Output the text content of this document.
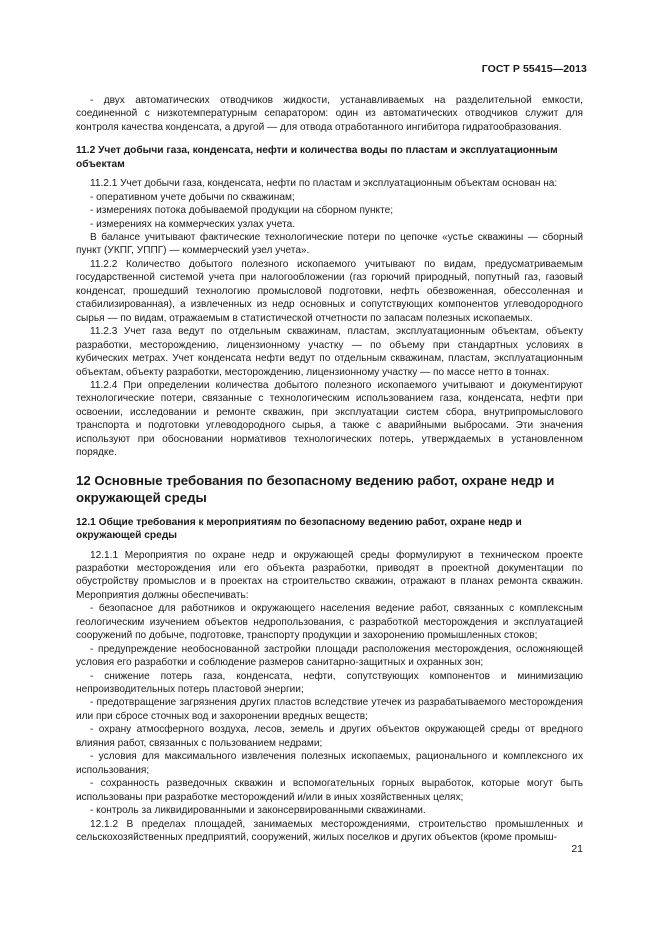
ГОСТ Р 55415—2013

- двух автоматических отводчиков жидкости, устанавливаемых на разделительной емкости, соединенной с низкотемпературным сепаратором: один из автоматических отводчиков служит для контроля качества конденсата, а другой — для отвода отработанного ингибитора гидратообразования.

11.2 Учет добычи газа, конденсата, нефти и количества воды по пластам и эксплуатационным объектам

11.2.1 Учет добычи газа, конденсата, нефти по пластам и эксплуатационным объектам основан на:

- оперативном учете добычи по скважинам;

- измерениях потока добываемой продукции на сборном пункте;

- измерениях на коммерческих узлах учета.

В балансе учитывают фактические технологические потери по цепочке «устье скважины — сборный пункт (УКПГ, УППГ) — коммерческий узел учета».

11.2.2 Количество добытого полезного ископаемого учитывают по видам, предусматриваемым государственной системой учета при налогообложении (газ горючий природный, попутный газ, газовый конденсат, прошедший технологию промысловой подготовки, нефть обезвоженная, обессоленная и стабилизированная), а извлеченных из недр основных и сопутствующих компонентов углеводородного сырья — по видам, отражаемым в статистической отчетности по запасам полезных ископаемых.

11.2.3 Учет газа ведут по отдельным скважинам, пластам, эксплуатационным объектам, объекту разработки, месторождению, лицензионному участку — по объему при стандартных условиях в кубических метрах. Учет конденсата нефти ведут по отдельным скважинам, пластам, эксплуатационным объектам, объекту разработки, месторождению, лицензионному участку — по массе нетто в тоннах.

11.2.4 При определении количества добытого полезного ископаемого учитывают и документируют технологические потери, связанные с технологическим использованием газа, конденсата, нефти при освоении, исследовании и ремонте скважин, при эксплуатации систем сбора, внутрипромыслового транспорта и подготовки углеводородного сырья, а также с аварийными выбросами. Эти значения используют при обосновании нормативов технологических потерь, утверждаемых в установленном порядке.

12 Основные требования по безопасному ведению работ, охране недр и окружающей среды
12.1 Общие требования к мероприятиям по безопасному ведению работ, охране недр и окружающей среды

12.1.1 Мероприятия по охране недр и окружающей среды формулируют в техническом проекте разработки месторождения или его объекта разработки, приводят в проектной документации по обустройству промыслов и в проектах на строительство скважин, отражают в планах ремонта скважин. Мероприятия должны обеспечивать:

- безопасное для работников и окружающего населения ведение работ, связанных с комплексным геологическим изучением объектов недропользования, с разработкой месторождения и эксплуатацией сооружений по добыче, подготовке, транспорту продукции и захоронению промышленных стоков;

- предупреждение необоснованной застройки площади расположения месторождения, осложняющей условия его разработки и соблюдение размеров санитарно-защитных и охранных зон;

- снижение потерь газа, конденсата, нефти, сопутствующих компонентов и минимизацию непроизводительных потерь пластовой энергии;

- предотвращение загрязнения других пластов вследствие утечек из разрабатываемого месторождения или при сбросе сточных вод и захоронении вредных веществ;

- охрану атмосферного воздуха, лесов, земель и других объектов окружающей среды от вредного влияния работ, связанных с пользованием недрами;

- условия для максимального извлечения полезных ископаемых, рационального и комплексного их использования;

- сохранность разведочных скважин и вспомогательных горных выработок, которые могут быть использованы при разработке месторождений и/или в иных хозяйственных целях;

- контроль за ликвидированными и законсервированными скважинами.

12.1.2 В пределах площадей, занимаемых месторождениями, строительство промышленных и сельскохозяйственных предприятий, сооружений, жилых поселков и других объектов (кроме промыш-

21
